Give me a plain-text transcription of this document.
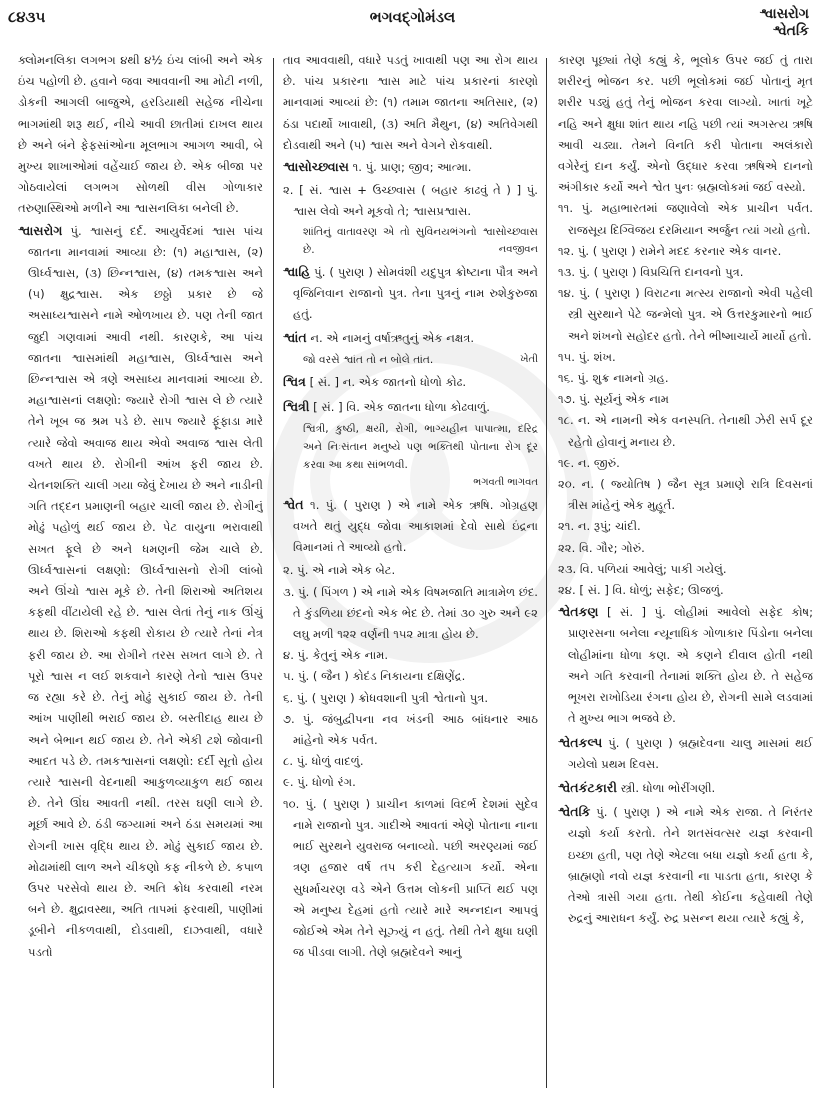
૮૪૩૫	ભગવદ્ગોમંડલ	શ્વાસરોગ
શ્વેતકિ

ક્લોમનલિકા લગભગ ૪થી ૪½ ઇંચ લાંબી અને એક ઇંચ પહોળી છે. હવાને જવા આવવાની આ મોટી નળી, ડોકની આગલી બાજુએ, હરડિયાથી સહેજ નીચેના ભાગમાંથી શરૂ થઈ, નીચે આવી છાતીમાં દાખલ થાય છે અને બંને ફેફસાંઓના મૂલભાગ આગળ આવી, બે મુખ્ય શાખાઓમાં વહેંચાઈ જાય છે. એક બીજા પર ગોઠવાયેલાં લગભગ સોળથી વીસ ગોળાકાર તરુણાસ્થિઓ મળીને આ શ્વાસનલિકા બનેલી છે.

શ્વાસરોગ પું. શ્વાસનું દર્દ. આયુર્વેદમાં શ્વાસ પાંચ જાતના માનવામાં આવ્યા છે: (૧) મહાશ્વાસ, (૨) ઊર્ધ્વશ્વાસ, (૩) છિન્નશ્વાસ, (૪) તમકશ્વાસ અને (૫) ક્ષુદ્રશ્વાસ. એક છઠ્ઠો પ્રકાર છે જે અસાધ્યશ્વાસને નામે ઓળખાય છે. પણ તેની જાત જુદી ગણવામાં આવી નથી. કારણકે, આ પાંચ જાતના શ્વાસમાંથી મહાશ્વાસ, ઊર્ધ્વશ્વાસ અને છિન્નશ્વાસ એ ત્રણે અસાધ્ય માનવામાં આવ્યા છે. મહાશ્વાસનાં લક્ષણો: જ્યારે રોગી શ્વાસ લે છે ત્યારે તેને ખૂબ જ શ્રમ પડે છે. સાપ જ્યારે ફૂંફાડા મારે ત્યારે જેવો અવાજ થાય એવો અવાજ શ્વાસ લેતી વખતે થાય છે. રોગીની આંખ ફરી જાય છે. ચેતનશક્તિ ચાલી ગયા જેવું દેખાય છે અને નાડીની ગતિ તદ્દન પ્રમાણની બહાર ચાલી જાય છે. રોગીનું મોઢું પહોળું થઈ જાય છે. પેટ વાયુના ભરાવાથી સખત ફૂલે છે અને ધમણની જેમ ચાલે છે. ઊર્ધ્વશ્વાસનાં લક્ષણો: ઊર્ધ્વશ્વાસનો રોગી લાંબો અને ઊંચો શ્વાસ મૂકે છે. તેની શિરાઓ અતિશય કફથી વીંટાયેલી રહે છે. શ્વાસ લેતાં તેનું નાક ઊંચું થાય છે. શિરાઓ કફથી રોકાય છે ત્યારે તેનાં નેત્ર ફરી જાય છે. આ રોગીને તરસ સખત લાગે છે. તે પૂરો શ્વાસ ન લઈ શકવાને કારણે તેનો શ્વાસ ઉપર જ રહ્યા કરે છે. તેનું મોઢું સુકાઈ જાય છે. તેની આંખ પાણીથી ભરાઈ જાય છે. બસ્તીદાહ થાય છે અને બેભાન થઈ જાય છે. તેને એકી ટશે જોવાની આદત પડે છે. તમકશ્વાસનાં લક્ષણો: દર્દી સૂતો હોય ત્યારે શ્વાસની વેદનાથી આકુળવ્યાકુળ થઈ જાય છે. તેને ઊંઘ આવતી નથી. તરસ ઘણી લાગે છે. મૂર્છા આવે છે. ઠંડી જગ્યામાં અને ઠંડા સમયમાં આ રોગની ખાસ વૃદ્ધિ થાય છે. મોઢું સુકાઈ જાય છે. મોઢામાંથી લાળ અને ચીકણો કફ નીકળે છે. કપાળ ઉપર પરસેવો થાય છે. અતિ ક્રોધ કરવાથી નરમ બને છે. ક્ષુદ્રાવસ્થા, અતિ તાપમાં ફરવાથી, પાણીમાં ડૂબીને નીકળવાથી, દોડવાથી, દાઝવાથી, વધારે પડતો

તાવ આવવાથી, વધારે પડતું ખાવાથી પણ આ રોગ થાય છે. પાંચ પ્રકારના શ્વાસ માટે પાંચ પ્રકારનાં કારણો માનવામાં આવ્યાં છે: (૧) તમામ જાતના અતિસાર, (૨) ઠંડા પદાર્થો ખાવાથી, (૩) અતિ મૈથુન, (૪) અતિવેગથી દોડવાથી અને (૫) શ્વાસ અને વેગને રોકવાથી.

શ્વાસોચ્છ્વાસ ૧. પું. પ્રાણ; જીવ; આત્મા.

૨. [ સં. શ્વાસ + ઉચ્છ્વાસ ( બહાર કાઢવું તે ) ] પું. શ્વાસ લેવો અને મૂકવો તે; શ્વાસપ્રશ્વાસ.

શાંતિનું વાતાવરણ એ તો સુવિનયભંગનો શ્વાસોચ્છ્વાસ છે.	નવજીવન

શ્વાહિ પું. ( પુરાણ ) સોમવંશી યદુપુત્ર ક્રોષ્ટાના પૌત્ર અને વૃજિનિવાન રાજાનો પુત્ર. તેના પુત્રનું નામ રુશેકુરુજા હતું.

શ્વાંત ન. એ નામનું વર્ષાઋતુનું એક નક્ષત્ર.

જો વરસે શ્વાંત તો ન બોલે તાંત.	ખેતી

શ્વિત્ર [ સં. ] ન. એક જાતનો ધોળો કોઢ.

શ્વિત્રી [ સં. ] વિ. એક જાતના ધોળા કોઢવાળું.

શ્વિત્રી, કુષ્ઠી, ક્ષયી, રોગી, ભાગ્યહીન પાપાત્મા, દરિદ્ર અને નિઃસંતાન મનુષ્યે પણ ભક્તિથી પોતાના રોગ દૂર કરવા આ કથા સાંભળવી.
ભગવતી ભાગવત
શ્વેત ૧. પું. ( પુરાણ ) એ નામે એક ઋષિ. ગોગ્રહણ વખતે થતું યુદ્ધ જોવા આકાશમાં દેવો સાથે ઇંદ્રના વિમાનમાં તે આવ્યો હતો.

૨. પું. એ નામે એક બેટ.

૩. પું. ( પિંગળ ) એ નામે એક વિષમજાતિ માત્રામેળ છંદ. તે કુંડળિયા છંદનો એક ભેદ છે. તેમાં ૩૦ ગુરુ અને ૯૨ લઘુ મળી ૧૨૨ વર્ણની ૧૫૨ માત્રા હોય છે.

૪. પું. કેતુનું એક નામ.

૫. પું. ( જૈન ) કોદંડ નિકાયના દક્ષિણેંદ્ર.

૬. પું. ( પુરાણ ) ક્રોધવશાની પુત્રી શ્વેતાનો પુત્ર.

૭. પું. જંબુદ્વીપના નવ ખંડની આઠ બાંધનાર આઠ માંહેનો એક પર્વત.

૮. પું. ધોળું વાદળું.

૯. પું. ધોળો રંગ.

૧૦. પું. ( પુરાણ ) પ્રાચીન કાળમાં વિદર્ભ દેશમાં સુદેવ નામે રાજાનો પુત્ર. ગાદીએ આવતાં એણે પોતાના નાના ભાઈ સુરથને યુવરાજ બનાવ્યો. પછી અરણ્યમાં જઈ ત્રણ હજાર વર્ષ તપ કરી દેહત્યાગ કર્યો. એના સુધર્માચરણ વડે એને ઉત્તમ લોકની પ્રાપ્તિ થઈ પણ એ મનુષ્ય દેહમાં હતો ત્યારે મારે અન્નદાન આપવું જોઈએ એમ તેને સૂઝ્યું ન હતું. તેથી તેને ક્ષુધા ઘણી જ પીડવા લાગી. તેણે બ્રહ્મદેવને આનું

કારણ પૂછ્યાં તેણે કહ્યું કે, ભૂલોક ઉપર જઈ તું તારા શરીરનું ભોજન કર. પછી ભૂલોકમાં જઈ પોતાનું મૃત શરીર પડ્યું હતું તેનું ભોજન કરવા લાગ્યો. ખાતાં ખૂટે નહિ અને ક્ષુધા શાંત થાય નહિ પછી ત્યાં અગસ્ત્ય ઋષિ આવી ચડ્યા. તેમને વિનતિ કરી પોતાના અલંકારો વગેરેનું દાન કર્યું. એનો ઉદ્ધાર કરવા ઋષિએ દાનનો અંગીકાર કર્યો અને શ્વેત પુનઃ બ્રહ્મલોકમાં જઈ વસ્યો.

૧૧. પું. મહાભારતમાં જણાવેલો એક પ્રાચીન પર્વત. રાજસૂય દિગ્વિજય દરમિયાન અર્જુન ત્યાં ગયો હતો.

૧૨. પું. ( પુરાણ ) રામેને મદદ કરનાર એક વાનર.

૧૩. પું. ( પુરાણ ) વિપ્રચિત્તિ દાનવનો પુત્ર.

૧૪. પું. ( પુરાણ ) વિરાટના મત્સ્ય રાજાનો એવી પહેલી સ્ત્રી સુરથાને પેટે જન્મેલો પુત્ર. એ ઉત્તરકુમારનો ભાઈ અને શંખનો સહોદર હતો. તેને ભીષ્માચાર્યે માર્યો હતો.

૧૫. પું. શંખ.

૧૬. પું. શુક્ર નામનો ગ્રહ.

૧૭. પું. સૂર્યનું એક નામ

૧૮. ન. એ નામની એક વનસ્પતિ. તેનાથી ઝેરી સર્પ દૂર રહેતો હોવાનું મનાય છે.

૧૯. ન. જીરું.

૨૦. ન. ( જ્યોતિષ ) જૈન સૂત્ર પ્રમાણે રાત્રિ દિવસનાં ત્રીસ માંહેનું એક મુહૂર્ત.

૨૧. ન. રૂપું; ચાંદી.

૨૨. વિ. ગૌર; ગોરું.

૨૩. વિ. પળિયાં આવેલું; પાકી ગયેલું.

૨૪. [ સં. ] વિ. ધોળું; સફેદ; ઊજળું.

શ્વેતકણ [ સં. ] પું. લોહીમાં આવેલો સફેદ કોષ; પ્રાણરસના બનેલા ન્યૂનાધિક ગોળાકાર પિંડોના બનેલા લોહીમાંના ધોળા કણ. એ કણને દીવાલ હોતી નથી અને ગતિ કરવાની તેનામાં શક્તિ હોય છે. તે સહેજ ભૂખરા રાખોડિયા રંગના હોય છે, રોગની સામે લડવામાં તે મુખ્ય ભાગ ભજવે છે.

શ્વેતકલ્પ પું. ( પુરાણ ) બ્રહ્મદેવના ચાલુ માસમાં થઈ ગયેલો પ્રથમ દિવસ.

શ્વેતકંટકારી સ્ત્રી. ધોળા ભોરીંગણી.

શ્વેતકિ પું. ( પુરાણ ) એ નામે એક રાજા. તે નિરંતર યજ્ઞો કર્યા કરતો. તેને શતસંવત્સર યજ્ઞ કરવાની ઇચ્છા હતી, પણ તેણે એટલા બધા યજ્ઞો કર્યા હતા કે, બ્રાહ્મણો નવો યજ્ઞ કરવાની ના પાડતા હતા, કારણ કે તેઓ ત્રાસી ગયા હતા. તેથી કોઈના કહેવાથી તેણે રુદ્રનું આરાધન કર્યું. રુદ્ર પ્રસન્ન થયા ત્યારે કહ્યું કે,
